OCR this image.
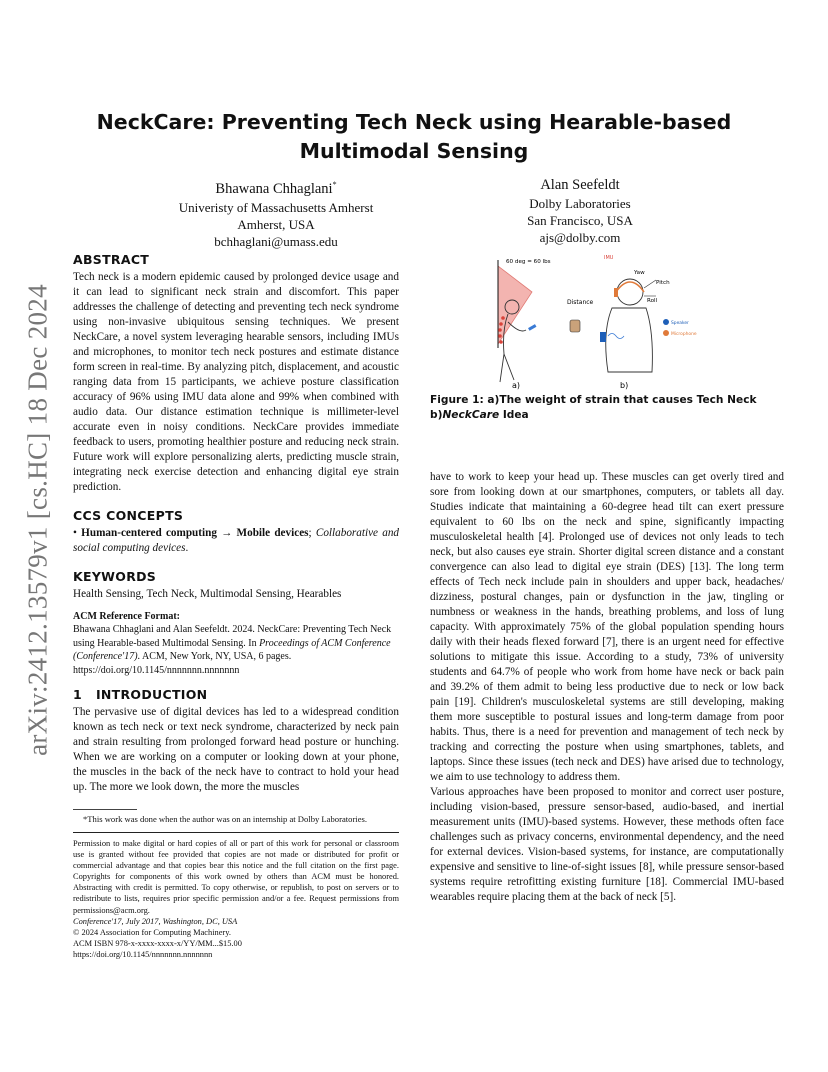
arXiv:2412.13579v1 [cs.HC] 18 Dec 2024
NeckCare: Preventing Tech Neck using Hearable-based Multimodal Sensing
Bhawana Chhaglani*
Univeristy of Massachusetts Amherst
Amherst, USA
bchhaglani@umass.edu
Alan Seefeldt
Dolby Laboratories
San Francisco, USA
ajs@dolby.com
ABSTRACT

Tech neck is a modern epidemic caused by prolonged device usage and it can lead to significant neck strain and discomfort. This paper addresses the challenge of detecting and preventing tech neck syndrome using non-invasive ubiquitous sensing techniques. We present NeckCare, a novel system leveraging hearable sensors, including IMUs and microphones, to monitor tech neck postures and estimate distance form screen in real-time. By analyzing pitch, displacement, and acoustic ranging data from 15 participants, we achieve posture classification accuracy of 96% using IMU data alone and 99% when combined with audio data. Our distance estimation technique is millimeter-level accurate even in noisy conditions. NeckCare provides immediate feedback to users, promoting healthier posture and reducing neck strain. Future work will explore personalizing alerts, predicting muscle strain, integrating neck exercise detection and enhancing digital eye strain prediction.

CCS CONCEPTS

• Human-centered computing → Mobile devices; Collaborative and social computing devices.

KEYWORDS

Health Sensing, Tech Neck, Multimodal Sensing, Hearables

ACM Reference Format:
Bhawana Chhaglani and Alan Seefeldt. 2024. NeckCare: Preventing Tech Neck using Hearable-based Multimodal Sensing. In Proceedings of ACM Conference (Conference'17). ACM, New York, NY, USA, 6 pages. https://doi.org/10.1145/nnnnnnn.nnnnnnn
1 INTRODUCTION

The pervasive use of digital devices has led to a widespread condition known as tech neck or text neck syndrome, characterized by neck pain and strain resulting from prolonged forward head posture or hunching. When we are working on a computer or looking down at your phone, the muscles in the back of the neck have to contract to hold your head up. The more we look down, the more the muscles

*This work was done when the author was on an internship at Dolby Laboratories.
Permission to make digital or hard copies of all or part of this work for personal or classroom use is granted without fee provided that copies are not made or distributed for profit or commercial advantage and that copies bear this notice and the full citation on the first page. Copyrights for components of this work owned by others than ACM must be honored. Abstracting with credit is permitted. To copy otherwise, or republish, to post on servers or to redistribute to lists, requires prior specific permission and/or a fee. Request permissions from permissions@acm.org.
Conference'17, July 2017, Washington, DC, USA
© 2024 Association for Computing Machinery.
ACM ISBN 978-x-xxxx-xxxx-x/YY/MM...$15.00
https://doi.org/10.1145/nnnnnnn.nnnnnnn
60 deg = 60 lbs
a)
IMU
Yaw
Pitch
Roll
Distance
Speaker
Microphone
b)
Figure 1: a)The weight of strain that causes Tech Neck b)NeckCare Idea

have to work to keep your head up. These muscles can get overly tired and sore from looking down at our smartphones, computers, or tablets all day. Studies indicate that maintaining a 60-degree head tilt can exert pressure equivalent to 60 lbs on the neck and spine, significantly impacting musculoskeletal health [4]. Prolonged use of devices not only leads to tech neck, but also causes eye strain. Shorter digital screen distance and a constant convergence can also lead to digital eye strain (DES) [13]. The long term effects of Tech neck include pain in shoulders and upper back, headaches/ dizziness, postural changes, pain or dysfunction in the jaw, tingling or numbness or weakness in the hands, breathing problems, and loss of lung capacity. With approximately 75% of the global population spending hours daily with their heads flexed forward [7], there is an urgent need for effective solutions to mitigate this issue. According to a study, 73% of university students and 64.7% of people who work from home have neck or back pain and 39.2% of them admit to being less productive due to neck or low back pain [19]. Children's musculoskeletal systems are still developing, making them more susceptible to postural issues and long-term damage from poor habits. Thus, there is a need for prevention and management of tech neck by tracking and correcting the posture when using smartphones, tablets, and laptops. Since these issues (tech neck and DES) have arised due to technology, we aim to use technology to address them.

Various approaches have been proposed to monitor and correct user posture, including vision-based, pressure sensor-based, audio-based, and inertial measurement units (IMU)-based systems. However, these methods often face challenges such as privacy concerns, environmental dependency, and the need for external devices. Vision-based systems, for instance, are computationally expensive and sensitive to line-of-sight issues [8], while pressure sensor-based systems require retrofitting existing furniture [18]. Commercial IMU-based wearables require placing them at the back of neck [5].
